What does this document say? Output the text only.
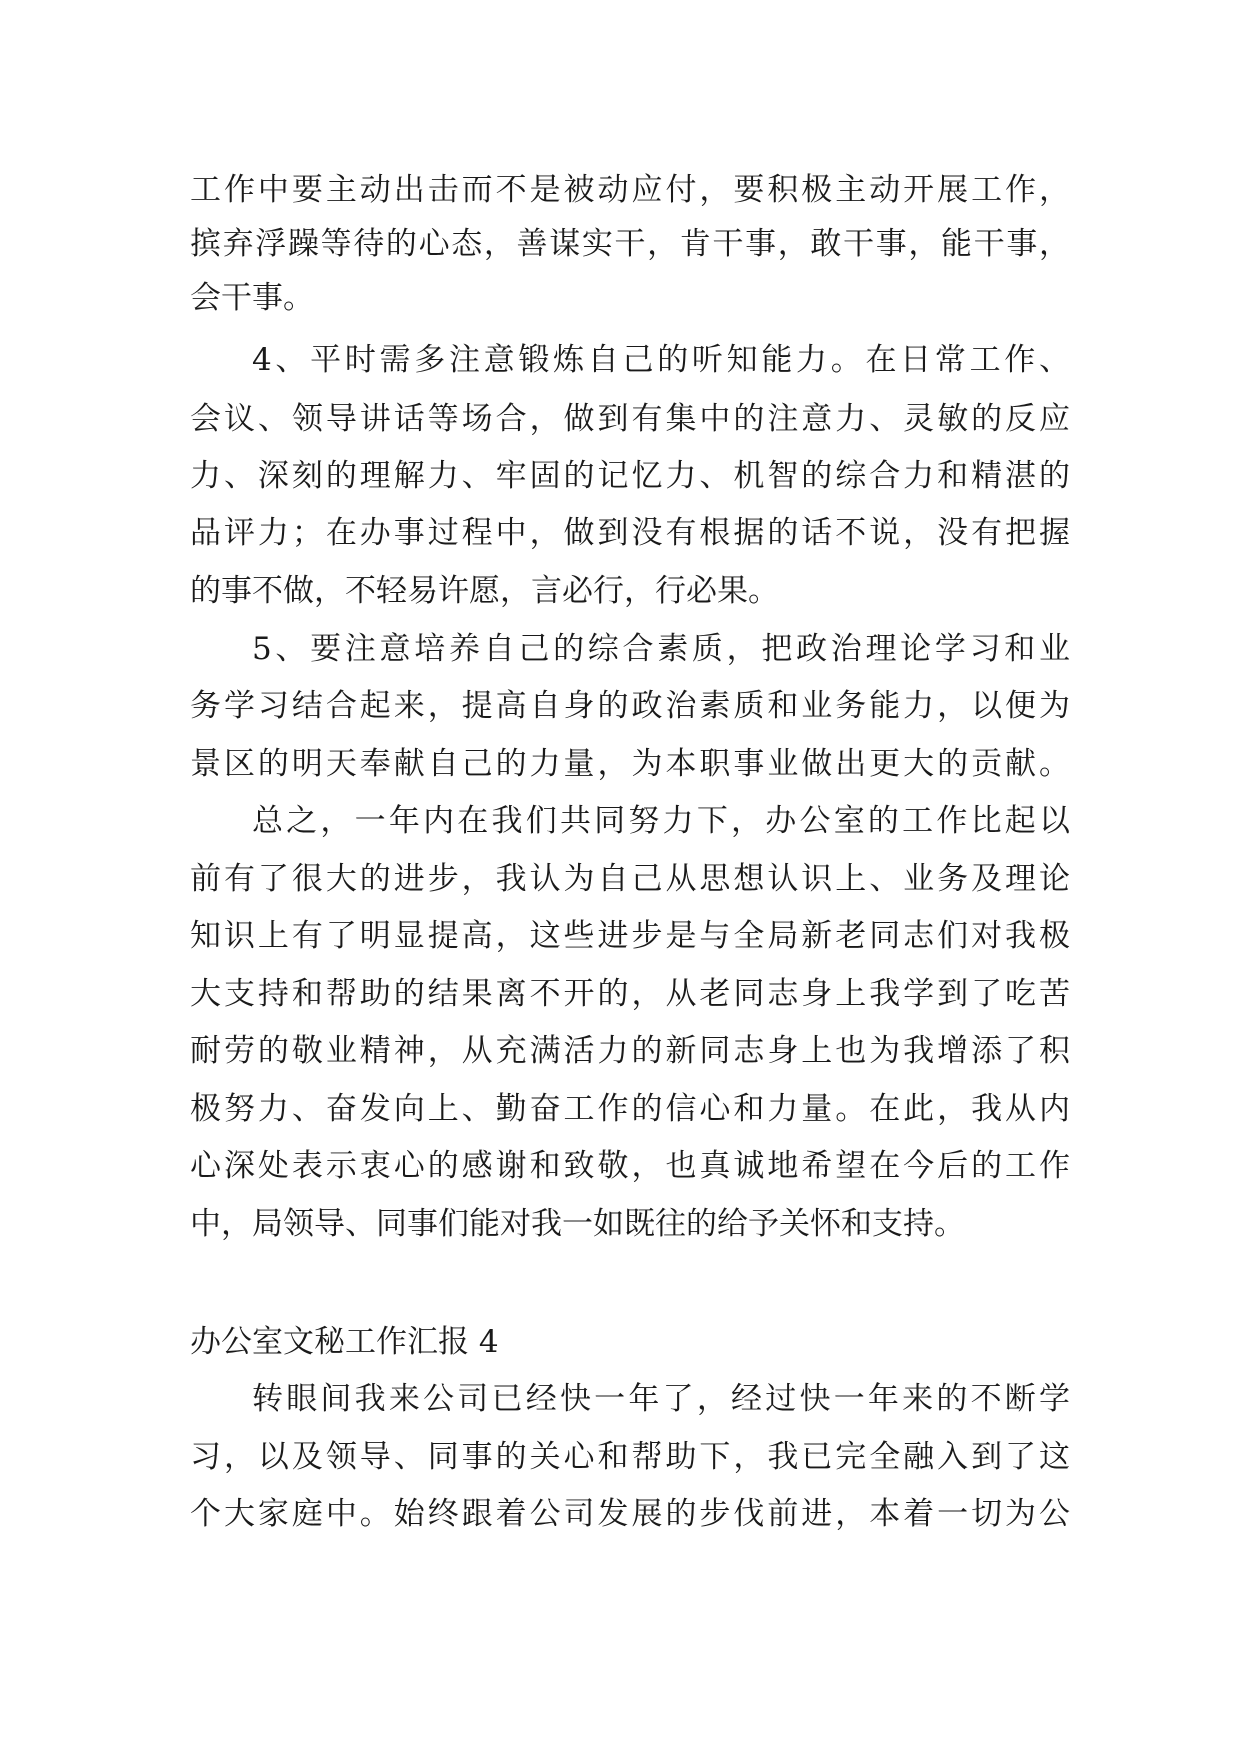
工作中要主动出击而不是被动应付，要积极主动开展工作，
摈弃浮躁等待的心态，善谋实干，肯干事，敢干事，能干事，
会干事。
4、平时需多注意锻炼自己的听知能力。在日常工作、
会议、领导讲话等场合，做到有集中的注意力、灵敏的反应
力、深刻的理解力、牢固的记忆力、机智的综合力和精湛的
品评力；在办事过程中，做到没有根据的话不说，没有把握
的事不做，不轻易许愿，言必行，行必果。
5、要注意培养自己的综合素质，把政治理论学习和业
务学习结合起来，提高自身的政治素质和业务能力，以便为
景区的明天奉献自己的力量，为本职事业做出更大的贡献。
总之，一年内在我们共同努力下，办公室的工作比起以
前有了很大的进步，我认为自己从思想认识上、业务及理论
知识上有了明显提高，这些进步是与全局新老同志们对我极
大支持和帮助的结果离不开的，从老同志身上我学到了吃苦
耐劳的敬业精神，从充满活力的新同志身上也为我增添了积
极努力、奋发向上、勤奋工作的信心和力量。在此，我从内
心深处表示衷心的感谢和致敬，也真诚地希望在今后的工作
中，局领导、同事们能对我一如既往的给予关怀和支持。
办公室文秘工作汇报 4
转眼间我来公司已经快一年了，经过快一年来的不断学
习，以及领导、同事的关心和帮助下，我已完全融入到了这
个大家庭中。始终跟着公司发展的步伐前进，本着一切为公
